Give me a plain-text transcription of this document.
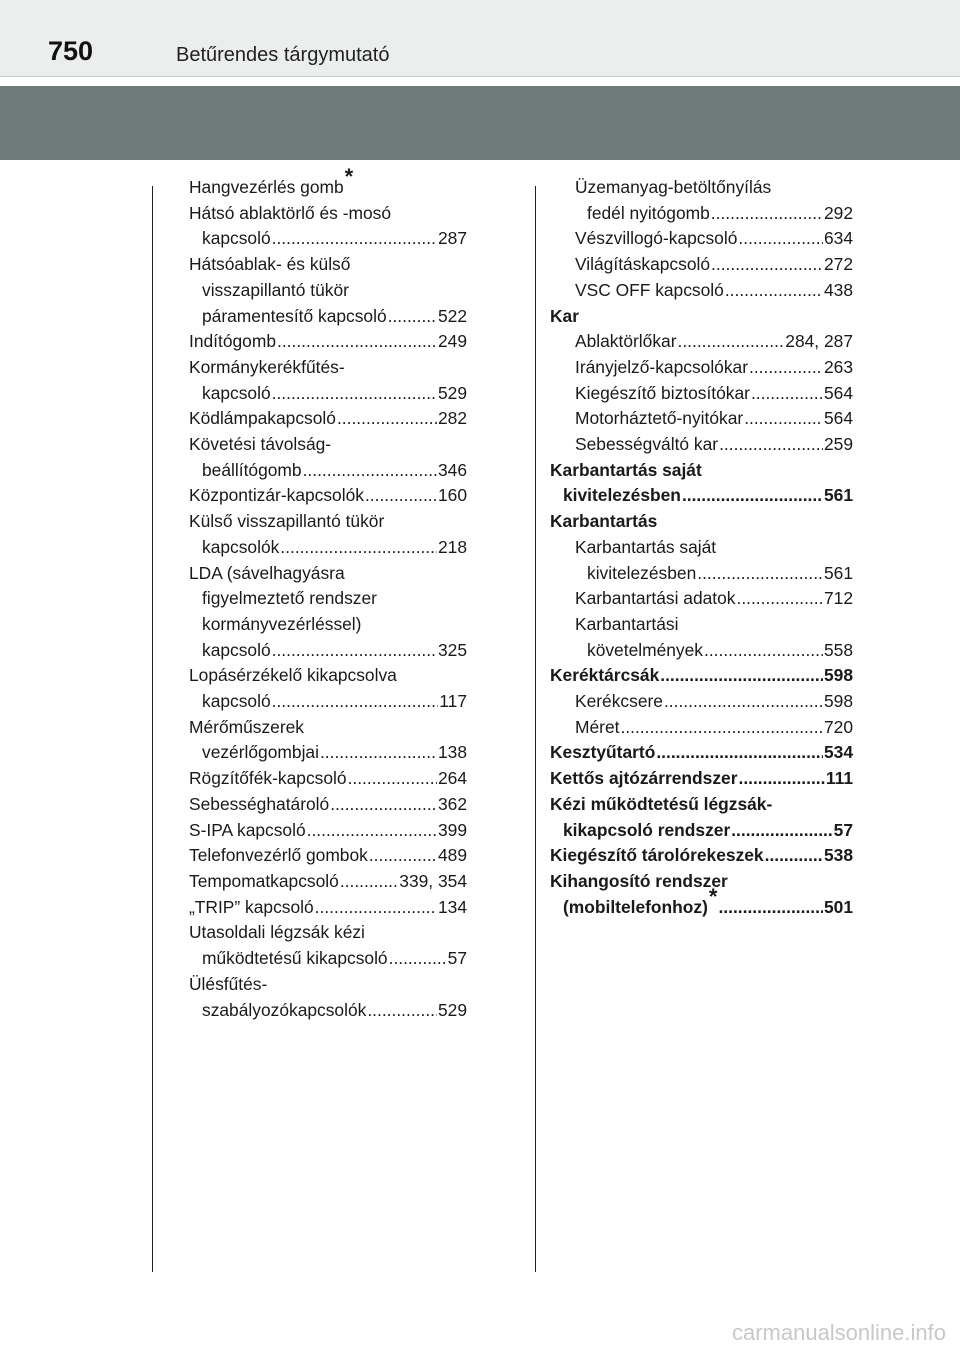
750	Betűrendes tárgymutató
Hangvezérlés gomb *
Hátsó ablaktörlő és -mosó
kapcsoló .....	287
Hátsóablak- és külső
visszapillantó tükör
páramentesítő kapcsoló .....	522
Indítógomb .....	249
Kormánykerékfűtés-
kapcsoló .....	529
Ködlámpakapcsoló .....	282
Követési távolság-
beállítógomb .....	346
Központizár-kapcsolók .....	160
Külső visszapillantó tükör
kapcsolók .....	218
LDA (sávelhagyásra
figyelmeztető rendszer
kormányvezérléssel)
kapcsoló .....	325
Lopásérzékelő kikapcsolva
kapcsoló .....	117
Mérőműszerek
vezérlőgombjai .....	138
Rögzítőfék-kapcsoló .....	264
Sebességhatároló .....	362
S-IPA kapcsoló .....	399
Telefonvezérlő gombok .....	489
Tempomatkapcsoló .....	339, 354
„TRIP” kapcsoló .....	134
Utasoldali légzsák kézi
működtetésű kikapcsoló .....	57
Ülésfűtés-
szabályozókapcsolók .....	529
Üzemanyag-betöltőnyílás
fedél nyitógomb .....	292
Vészvillogó-kapcsoló .....	634
Világításkapcsoló .....	272
VSC OFF kapcsoló .....	438
Kar
Ablaktörlőkar .....	284, 287
Irányjelző-kapcsolókar .....	263
Kiegészítő biztosítókar .....	564
Motorháztető-nyitókar .....	564
Sebességváltó kar .....	259
Karbantartás saját
kivitelezésben .....	561
Karbantartás
Karbantartás saját
kivitelezésben .....	561
Karbantartási adatok .....	712
Karbantartási
követelmények .....	558
Keréktárcsák .....	598
Kerékcsere .....	598
Méret .....	720
Kesztyűtartó .....	534
Kettős ajtózárrendszer .....	111
Kézi működtetésű légzsák-
kikapcsoló rendszer .....	57
Kiegészítő tárolórekeszek .....	538
Kihangosító rendszer
(mobiltelefonhoz) * .....	501
carmanualsonline.info
